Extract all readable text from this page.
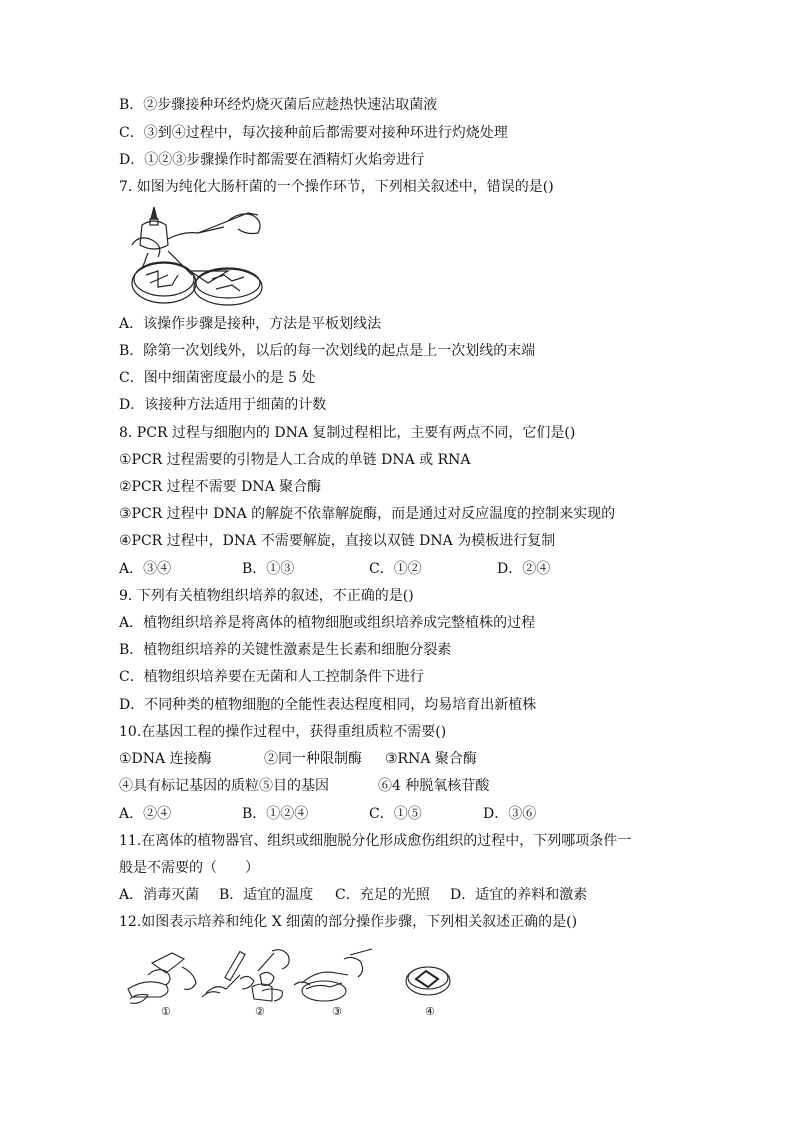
B．②步骤接种环经灼烧灭菌后应趁热快速沾取菌液
C．③到④过程中，每次接种前后都需要对接种环进行灼烧处理
D．①②③步骤操作时都需要在酒精灯火焰旁进行
7. 如图为纯化大肠杆菌的一个操作环节，下列相关叙述中，错误的是()
A．该操作步骤是接种，方法是平板划线法
B．除第一次划线外，以后的每一次划线的起点是上一次划线的末端
C．图中细菌密度最小的是 5 处
D．该接种方法适用于细菌的计数
8. PCR 过程与细胞内的 DNA 复制过程相比，主要有两点不同，它们是()
①PCR 过程需要的引物是人工合成的单链 DNA 或 RNA
②PCR 过程不需要 DNA 聚合酶
③PCR 过程中 DNA 的解旋不依靠解旋酶，而是通过对反应温度的控制来实现的
④PCR 过程中，DNA 不需要解旋，直接以双链 DNA 为模板进行复制
A．③④	B．①③	C．①②	D．②④
9. 下列有关植物组织培养的叙述，不正确的是()
A．植物组织培养是将离体的植物细胞或组织培养成完整植株的过程
B．植物组织培养的关键性激素是生长素和细胞分裂素
C．植物组织培养要在无菌和人工控制条件下进行
D．不同种类的植物细胞的全能性表达程度相同，均易培育出新植株
10.在基因工程的操作过程中，获得重组质粒不需要()
①DNA 连接酶	②同一种限制酶 ③RNA 聚合酶
④具有标记基因的质粒⑤目的基因	⑥4 种脱氧核苷酸
A．②④	B．①②④	C．①⑤	D．③⑥
11.在离体的植物器官、组织或细胞脱分化形成愈伤组织的过程中，下列哪项条件一
般是不需要的（　　）
A．消毒灭菌 B．适宜的温度 C．充足的光照 D．适宜的养料和激素
12.如图表示培养和纯化 X 细菌的部分操作步骤，下列相关叙述正确的是()
①	②	③	④
